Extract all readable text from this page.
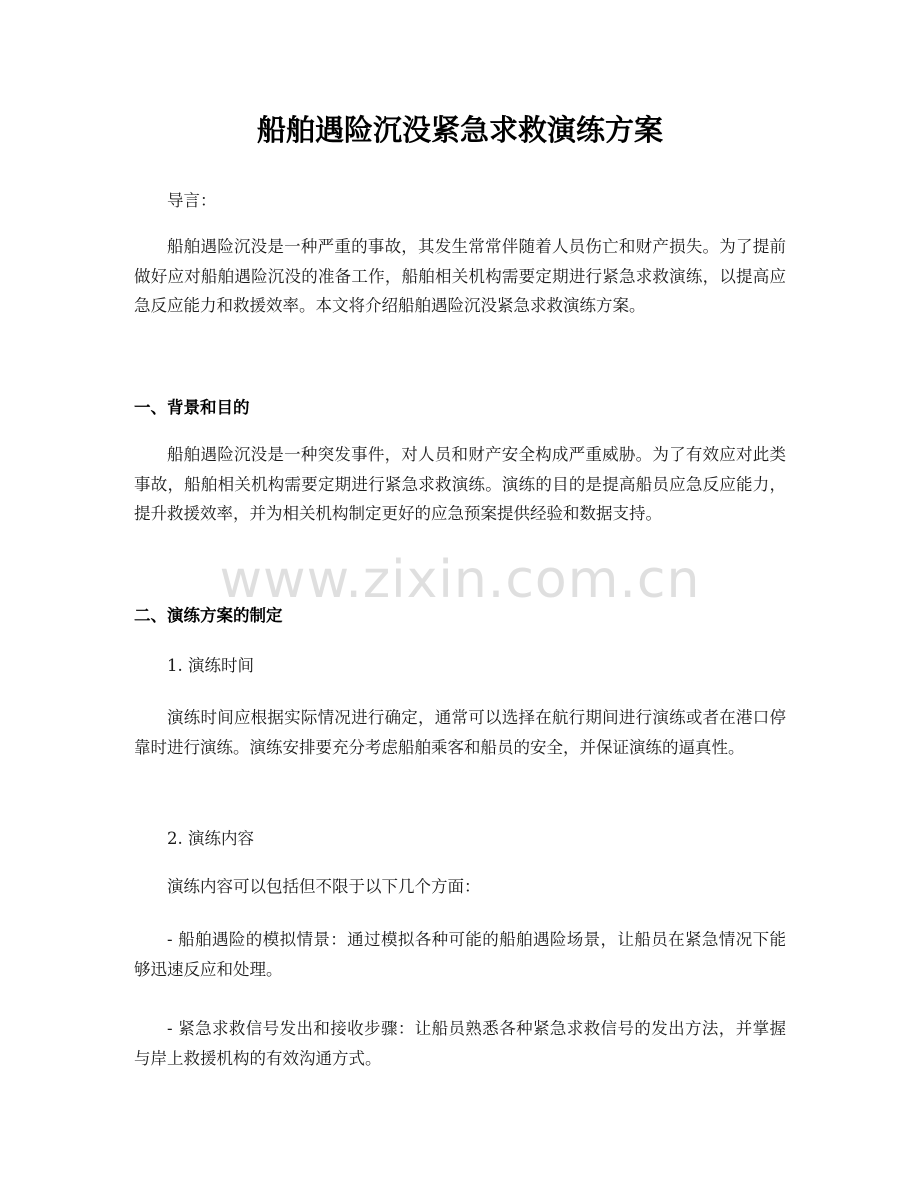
船舶遇险沉没紧急求救演练方案

导言：

船舶遇险沉没是一种严重的事故，其发生常常伴随着人员伤亡和财产损失。为了提前做好应对船舶遇险沉没的准备工作，船舶相关机构需要定期进行紧急求救演练，以提高应急反应能力和救援效率。本文将介绍船舶遇险沉没紧急求救演练方案。

一、背景和目的

船舶遇险沉没是一种突发事件，对人员和财产安全构成严重威胁。为了有效应对此类事故，船舶相关机构需要定期进行紧急求救演练。演练的目的是提高船员应急反应能力，提升救援效率，并为相关机构制定更好的应急预案提供经验和数据支持。

二、演练方案的制定

1. 演练时间

演练时间应根据实际情况进行确定，通常可以选择在航行期间进行演练或者在港口停靠时进行演练。演练安排要充分考虑船舶乘客和船员的安全，并保证演练的逼真性。

2. 演练内容

演练内容可以包括但不限于以下几个方面：

- 船舶遇险的模拟情景：通过模拟各种可能的船舶遇险场景，让船员在紧急情况下能够迅速反应和处理。

- 紧急求救信号发出和接收步骤：让船员熟悉各种紧急求救信号的发出方法，并掌握与岸上救援机构的有效沟通方式。

www.zixin.com.cn
